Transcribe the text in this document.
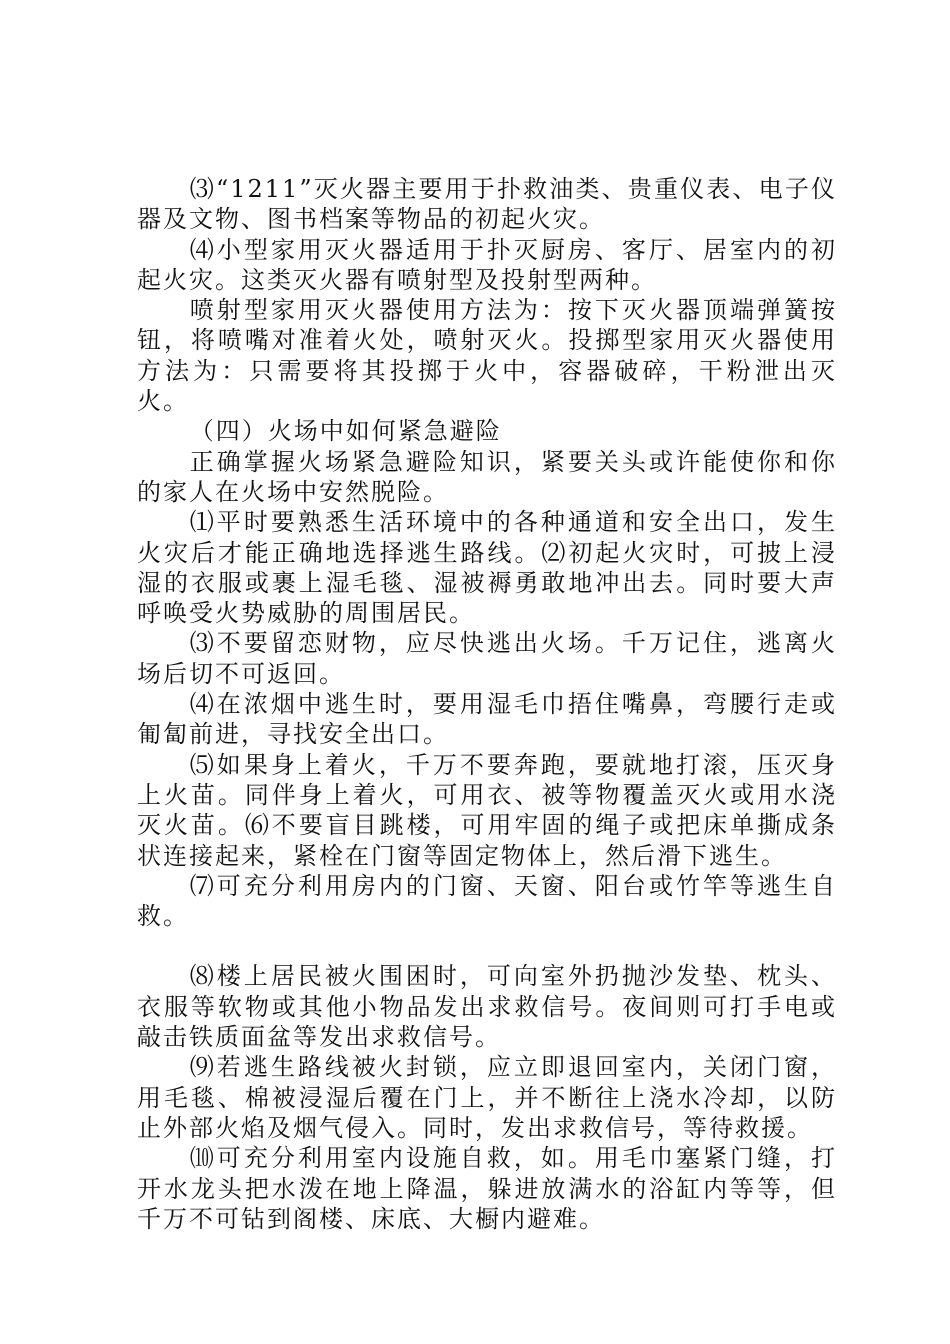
⑶“1211”灭火器主要用于扑救油类、贵重仪表、电子仪器及文物、图书档案等物品的初起火灾。

⑷小型家用灭火器适用于扑灭厨房、客厅、居室内的初起火灾。这类灭火器有喷射型及投射型两种。

喷射型家用灭火器使用方法为：按下灭火器顶端弹簧按钮，将喷嘴对准着火处，喷射灭火。投掷型家用灭火器使用方法为：只需要将其投掷于火中，容器破碎，干粉泄出灭火。

（四）火场中如何紧急避险

正确掌握火场紧急避险知识，紧要关头或许能使你和你的家人在火场中安然脱险。

⑴平时要熟悉生活环境中的各种通道和安全出口，发生火灾后才能正确地选择逃生路线。⑵初起火灾时，可披上浸湿的衣服或裹上湿毛毯、湿被褥勇敢地冲出去。同时要大声呼唤受火势威胁的周围居民。

⑶不要留恋财物，应尽快逃出火场。千万记住，逃离火场后切不可返回。

⑷在浓烟中逃生时，要用湿毛巾捂住嘴鼻，弯腰行走或匍匐前进，寻找安全出口。

⑸如果身上着火，千万不要奔跑，要就地打滚，压灭身上火苗。同伴身上着火，可用衣、被等物覆盖灭火或用水浇灭火苗。⑹不要盲目跳楼，可用牢固的绳子或把床单撕成条状连接起来，紧栓在门窗等固定物体上，然后滑下逃生。

⑺可充分利用房内的门窗、天窗、阳台或竹竿等逃生自救。

⑻楼上居民被火围困时，可向室外扔抛沙发垫、枕头、衣服等软物或其他小物品发出求救信号。夜间则可打手电或敲击铁质面盆等发出求救信号。

⑼若逃生路线被火封锁，应立即退回室内，关闭门窗，用毛毯、棉被浸湿后覆在门上，并不断往上浇水冷却，以防止外部火焰及烟气侵入。同时，发出求救信号，等待救援。

⑽可充分利用室内设施自救，如。用毛巾塞紧门缝，打开水龙头把水泼在地上降温，躲进放满水的浴缸内等等，但千万不可钻到阁楼、床底、大橱内避难。
